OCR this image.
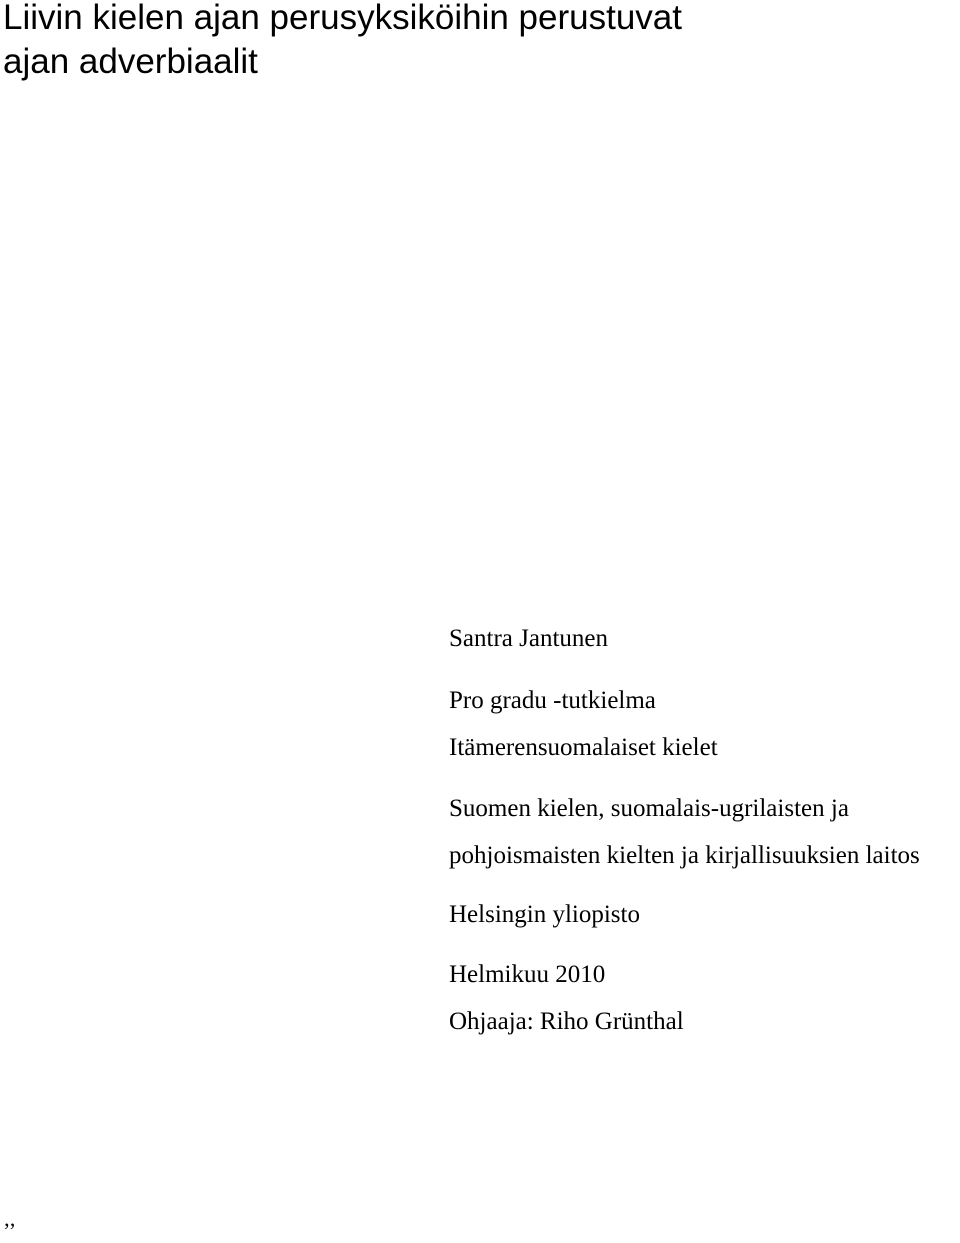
Liivin kielen ajan perusyksiköihin perustuvat
ajan adverbiaalit

Santra Jantunen

Pro gradu -tutkielma

Itämerensuomalaiset kielet

Suomen kielen, suomalais-ugrilaisten ja

pohjoismaisten kielten ja kirjallisuuksien laitos

Helsingin yliopisto

Helmikuu 2010

Ohjaaja: Riho Grünthal

’’
